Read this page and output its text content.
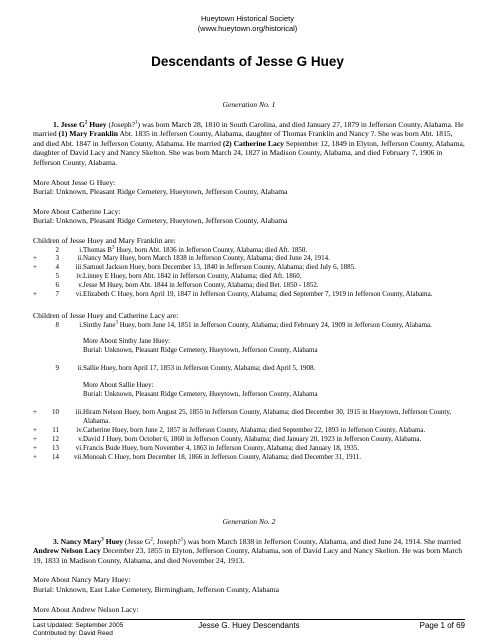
Hueytown Historical Society
(www.hueytown.org/historical)
Descendants of Jesse G Huey
Generation No. 1
1. Jesse $G^2$ Huey (Joseph?$^1$) was born March 28, 1810 in South Carolina, and died January 27, 1879 in Jefferson County, Alabama. He married (1) Mary Franklin Abt. 1835 in Jefferson County, Alabama, daughter of Thomas Franklin and Nancy ?. She was born Abt. 1815, and died Abt. 1847 in Jefferson County, Alabama. He married (2) Catherine Lacy September 12, 1849 in Elyton, Jefferson County, Alabama, daughter of David Lacy and Nancy Skelton. She was born March 24, 1827 in Madison County, Alabama, and died February 7, 1906 in Jefferson County, Alabama.
More About Jesse G Huey:
Burial: Unknown, Pleasant Ridge Cemetery, Hueytown, Jefferson County, Alabama
More About Catherine Lacy:
Burial: Unknown, Pleasant Ridge Cemetery, Hueytown, Jefferson County, Alabama
Children of Jesse Huey and Mary Franklin are:
	2	i.	Thomas $B^3$ Huey, born Abt. 1836 in Jefferson County, Alabama; died Aft. 1850.
+	3	ii.	Nancy Mary Huey, born March 1838 in Jefferson County, Alabama; died June 24, 1914.
+	4	iii.	Samuel Jackson Huey, born December 13, 1840 in Jefferson County, Alabama; died July 6, 1885.
	5	iv.	Linney E Huey, born Abt. 1842 in Jefferson County, Alabama; died Aft. 1860.
	6	v.	Jesse M Huey, born Abt. 1844 in Jefferson County, Alabama; died Bet. 1850 - 1852.
+	7	vi.	Elizabeth C Huey, born April 19, 1847 in Jefferson County, Alabama; died September 7, 1919 in Jefferson County, Alabama.
Children of Jesse Huey and Catherine Lacy are:
	8	i.	Sinthy Jane$^3$ Huey, born June 14, 1851 in Jefferson County, Alabama; died February 24, 1909 in Jefferson County, Alabama.
More About Sinthy Jane Huey:
Burial: Unknown, Pleasant Ridge Cemetery, Hueytown, Jefferson County, Alabama

	9	ii.	Sallie Huey, born April 17, 1853 in Jefferson County, Alabama; died April 5, 1908.
More About Sallie Huey:
Burial: Unknown, Pleasant Ridge Cemetery, Hueytown, Jefferson County, Alabama

+	10	iii.	Hiram Nelson Huey, born August 25, 1855 in Jefferson County, Alabama; died December 30, 1915 in Hueytown, Jefferson County, Alabama.
+	11	iv.	Catherine Huey, born June 2, 1857 in Jefferson County, Alabama; died September 22, 1893 in Jefferson County, Alabama.
+	12	v.	David J Huey, born October 6, 1860 in Jefferson County, Alabama; died January 20, 1923 in Jefferson County, Alabama.
+	13	vi.	Francis Bude Huey, born November 4, 1863 in Jefferson County, Alabama; died January 18, 1935.
+	14	vii.	Monoah C Huey, born December 18, 1866 in Jefferson County, Alabama; died December 31, 1911.
Generation No. 2
3. Nancy Mary$^3$ Huey (Jesse $G^2$, Joseph?$^1$) was born March 1838 in Jefferson County, Alabama, and died June 24, 1914. She married Andrew Nelson Lacy December 23, 1855 in Elyton, Jefferson County, Alabama, son of David Lacy and Nancy Skelton. He was born March 19, 1833 in Madison County, Alabama, and died November 24, 1913.
More About Nancy Mary Huey:
Burial: Unknown, East Lake Cemetery, Birmingham, Jefferson County, Alabama
More About Andrew Nelson Lacy:
Last Updated: September 2005
Contributed by: David Reed
Jesse G. Huey Descendants	Page 1 of 69
